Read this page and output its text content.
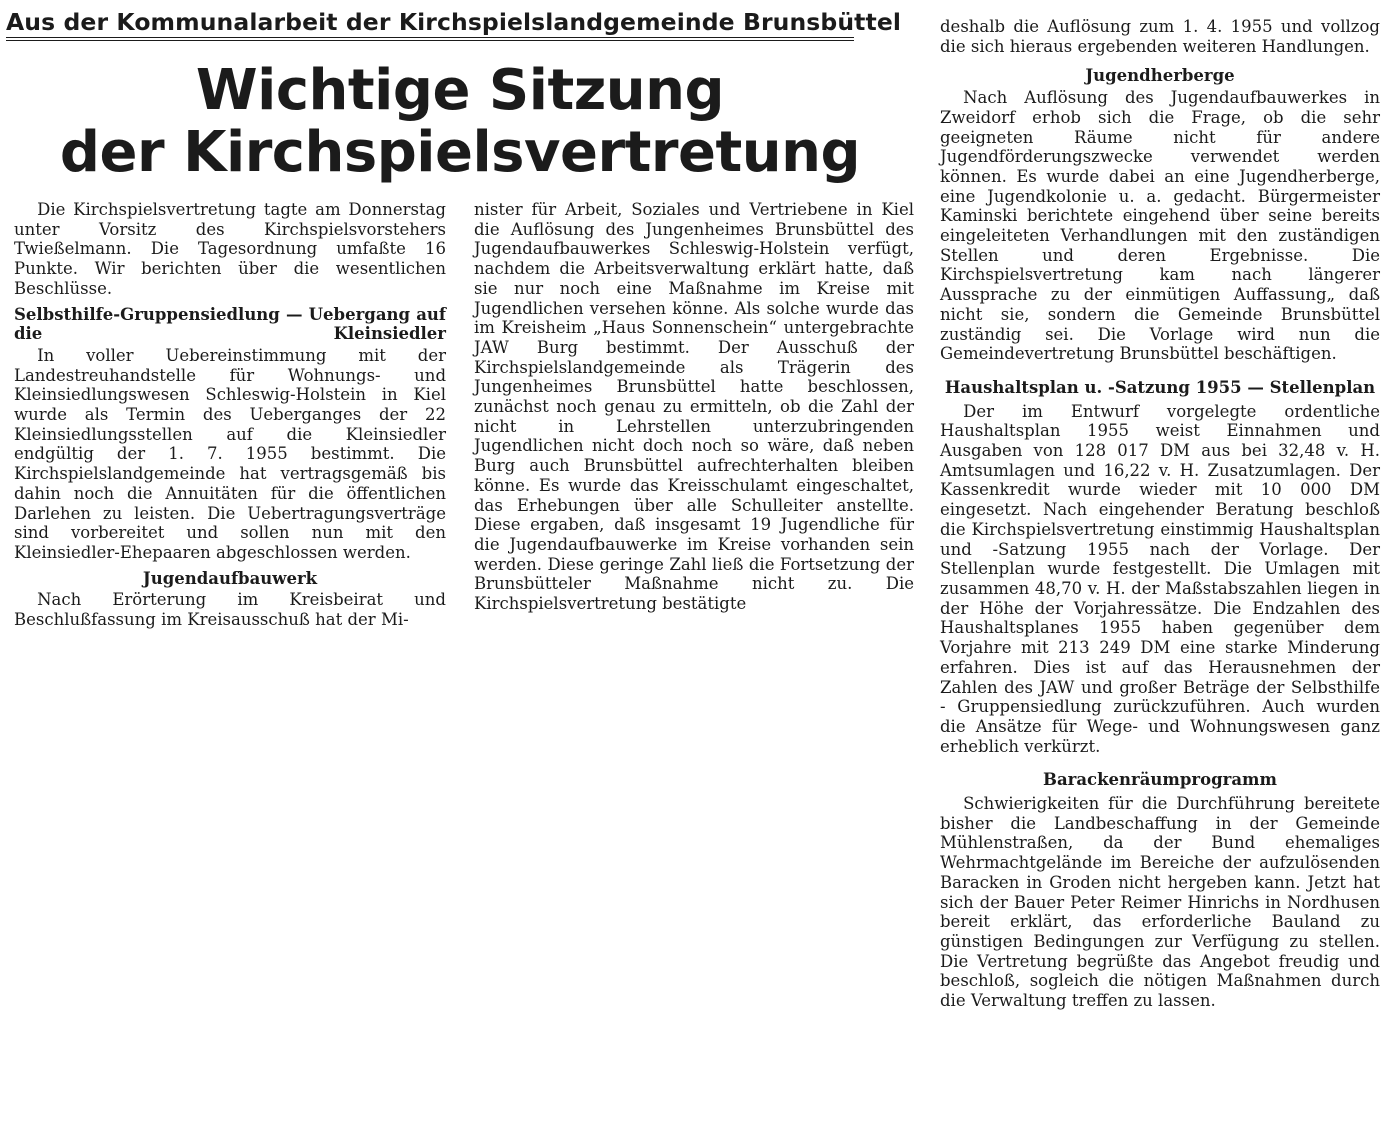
Aus der Kommunalarbeit der Kirchspielslandgemeinde Brunsbüttel
Wichtige Sitzung
der Kirchspielsvertretung

Die Kirchspielsvertretung tagte am Donnerstag unter Vorsitz des Kirchspielsvorstehers Twießelmann. Die Tagesordnung umfaßte 16 Punkte. Wir berichten über die wesentlichen Beschlüsse.

Selbsthilfe-Gruppensiedlung — Uebergang auf die Kleinsiedler

In voller Uebereinstimmung mit der Landestreuhandstelle für Wohnungs- und Kleinsiedlungswesen Schleswig-Holstein in Kiel wurde als Termin des Ueberganges der 22 Kleinsiedlungsstellen auf die Kleinsiedler endgültig der 1. 7. 1955 bestimmt. Die Kirchspielslandgemeinde hat vertragsgemäß bis dahin noch die Annuitäten für die öffentlichen Darlehen zu leisten. Die Uebertragungsverträge sind vorbereitet und sollen nun mit den Kleinsiedler-Ehepaaren abgeschlossen werden.

Jugendaufbauwerk

Nach Erörterung im Kreisbeirat und Beschlußfassung im Kreisausschuß hat der Mi-

nister für Arbeit, Soziales und Vertriebene in Kiel die Auflösung des Jungenheimes Brunsbüttel des Jugendaufbauwerkes Schleswig-Holstein verfügt, nachdem die Arbeitsverwaltung erklärt hatte, daß sie nur noch eine Maßnahme im Kreise mit Jugendlichen versehen könne. Als solche wurde das im Kreisheim „Haus Sonnenschein“ untergebrachte JAW Burg bestimmt. Der Ausschuß der Kirchspielslandgemeinde als Trägerin des Jungenheimes Brunsbüttel hatte beschlossen, zunächst noch genau zu ermitteln, ob die Zahl der nicht in Lehrstellen unterzubringenden Jugendlichen nicht doch noch so wäre, daß neben Burg auch Brunsbüttel aufrechterhalten bleiben könne. Es wurde das Kreisschulamt eingeschaltet, das Erhebungen über alle Schulleiter anstellte. Diese ergaben, daß insgesamt 19 Jugendliche für die Jugendaufbauwerke im Kreise vorhanden sein werden. Diese geringe Zahl ließ die Fortsetzung der Brunsbütteler Maßnahme nicht zu. Die Kirchspielsvertretung bestätigte

deshalb die Auflösung zum 1. 4. 1955 und vollzog die sich hieraus ergebenden weiteren Handlungen.

Jugendherberge

Nach Auflösung des Jugendaufbauwerkes in Zweidorf erhob sich die Frage, ob die sehr geeigneten Räume nicht für andere Jugendförderungszwecke verwendet werden können. Es wurde dabei an eine Jugendherberge, eine Jugendkolonie u. a. gedacht. Bürgermeister Kaminski berichtete eingehend über seine bereits eingeleiteten Verhandlungen mit den zuständigen Stellen und deren Ergebnisse. Die Kirchspielsvertretung kam nach längerer Aussprache zu der einmütigen Auffassung„ daß nicht sie, sondern die Gemeinde Brunsbüttel zuständig sei. Die Vorlage wird nun die Gemeindevertretung Brunsbüttel beschäftigen.

Haushaltsplan u. -Satzung 1955 — Stellenplan

Der im Entwurf vorgelegte ordentliche Haushaltsplan 1955 weist Einnahmen und Ausgaben von 128 017 DM aus bei 32,48 v. H. Amtsumlagen und 16,22 v. H. Zusatzumlagen. Der Kassenkredit wurde wieder mit 10 000 DM eingesetzt. Nach eingehender Beratung beschloß die Kirchspielsvertretung einstimmig Haushaltsplan und -Satzung 1955 nach der Vorlage. Der Stellenplan wurde festgestellt. Die Umlagen mit zusammen 48,70 v. H. der Maßstabszahlen liegen in der Höhe der Vorjahressätze. Die Endzahlen des Haushaltsplanes 1955 haben gegenüber dem Vorjahre mit 213 249 DM eine starke Minderung erfahren. Dies ist auf das Herausnehmen der Zahlen des JAW und großer Beträge der Selbsthilfe - Gruppensiedlung zurückzuführen. Auch wurden die Ansätze für Wege- und Wohnungswesen ganz erheblich verkürzt.

Barackenräumprogramm

Schwierigkeiten für die Durchführung bereitete bisher die Landbeschaffung in der Gemeinde Mühlenstraßen, da der Bund ehemaliges Wehrmachtgelände im Bereiche der aufzulösenden Baracken in Groden nicht hergeben kann. Jetzt hat sich der Bauer Peter Reimer Hinrichs in Nordhusen bereit erklärt, das erforderliche Bauland zu günstigen Bedingungen zur Verfügung zu stellen. Die Vertretung begrüßte das Angebot freudig und beschloß, sogleich die nötigen Maßnahmen durch die Verwaltung treffen zu lassen.
